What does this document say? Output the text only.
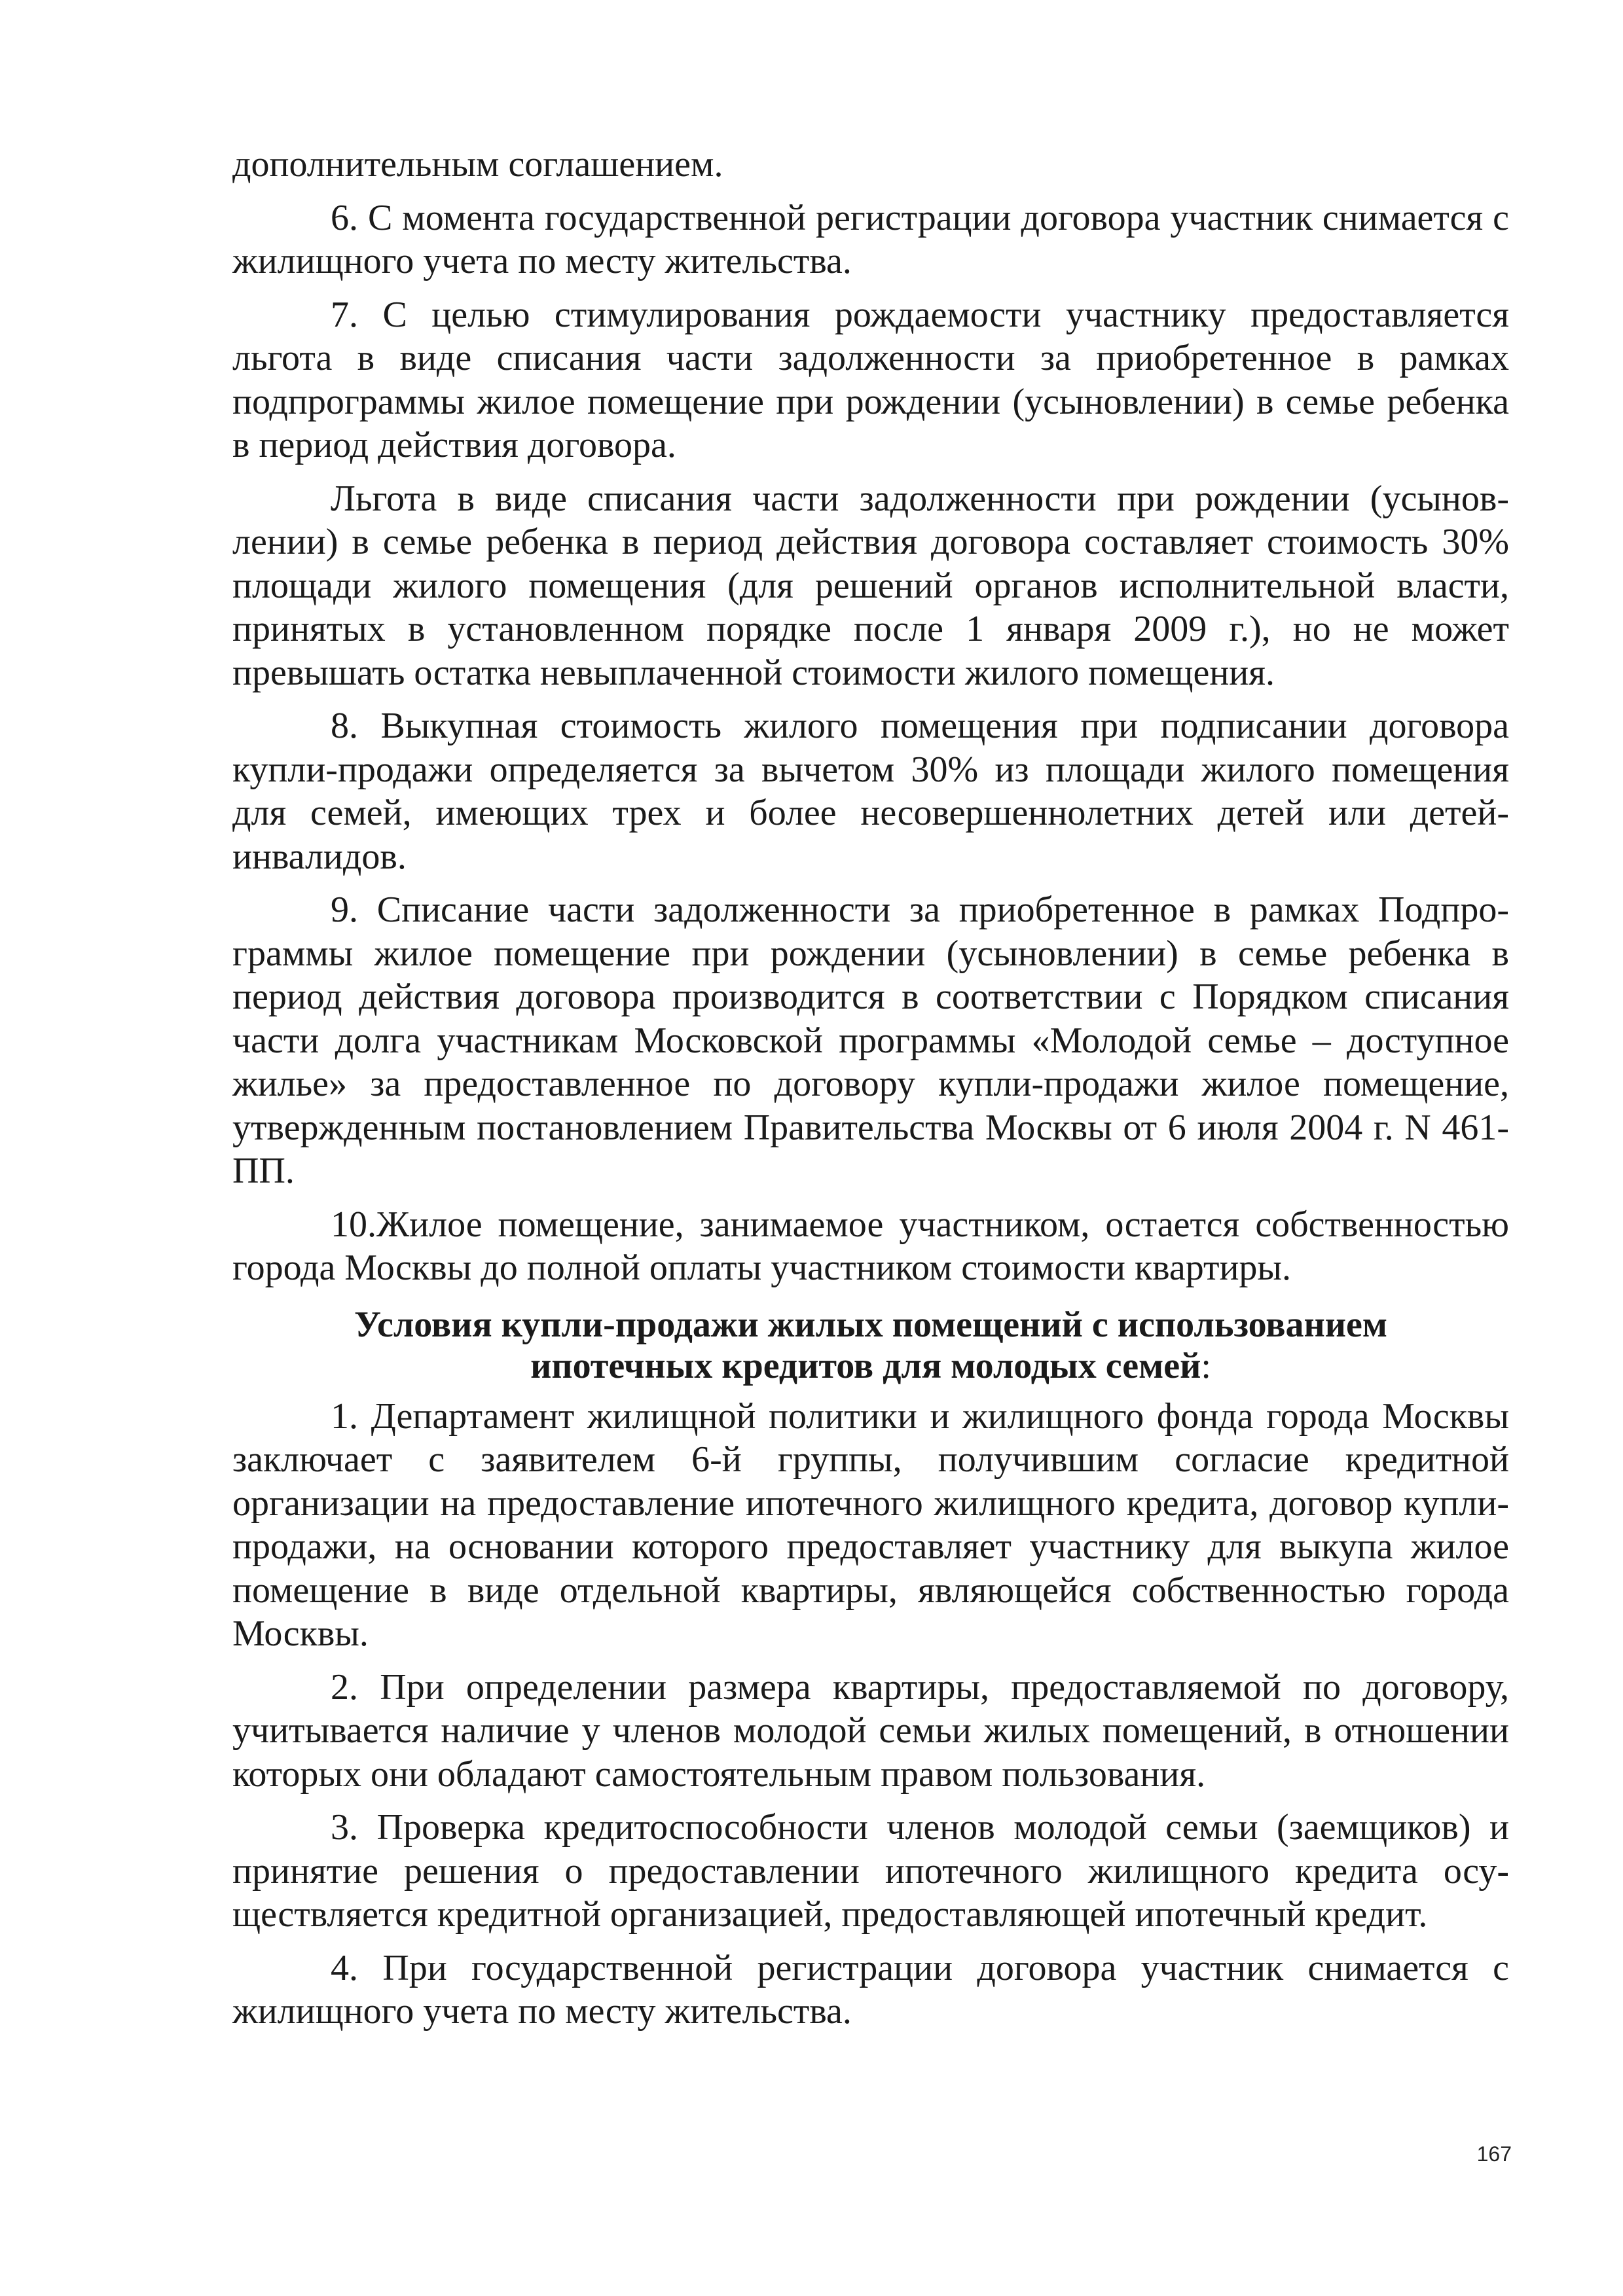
дополнительным соглашением.

6. С момента государственной регистрации договора участник снимается с жилищного учета по месту жительства.

7. С целью стимулирования рождаемости участнику предоставляется льгота в виде списания части задолженности за приобретенное в рамках подпрограммы жилое помещение при рождении (усыновлении) в семье ребенка в период действия договора.

Льгота в виде списания части задолженности при рождении (усыновлении) в семье ребенка в период действия договора составляет стоимость 30% площади жилого помещения (для решений органов исполнительной власти, принятых в установленном порядке после 1 января 2009 г.), но не может превышать остатка невыплаченной стоимости жилого помещения.

8. Выкупная стоимость жилого помещения при подписании договора купли-продажи определяется за вычетом 30% из площади жилого помещения для семей, имеющих трех и более несовершеннолетних детей или детей-инвалидов.

9. Списание части задолженности за приобретенное в рамках Подпрограммы жилое помещение при рождении (усыновлении) в семье ребенка в период действия договора производится в соответствии с Порядком списания части долга участникам Московской программы «Молодой семье – доступное жилье» за предоставленное по договору купли-продажи жилое помещение, утвержденным постановлением Правительства Москвы от 6 июля 2004 г. N 461-ПП.

10.Жилое помещение, занимаемое участником, остается собственностью города Москвы до полной оплаты участником стоимости квартиры.

Условия купли-продажи жилых помещений с использованием
ипотечных кредитов для молодых семей:

1. Департамент жилищной политики и жилищного фонда города Москвы заключает с заявителем 6-й группы, получившим согласие кредитной организации на предоставление ипотечного жилищного кредита, договор купли-продажи, на основании которого предоставляет участнику для выкупа жилое помещение в виде отдельной квартиры, являющейся собственностью города Москвы.

2. При определении размера квартиры, предоставляемой по договору, учитывается наличие у членов молодой семьи жилых помещений, в отношении которых они обладают самостоятельным правом пользования.

3. Проверка кредитоспособности членов молодой семьи (заемщиков) и принятие решения о предоставлении ипотечного жилищного кредита осуществляется кредитной организацией, предоставляющей ипотечный кредит.

4. При государственной регистрации договора участник снимается с жилищного учета по месту жительства.

167
